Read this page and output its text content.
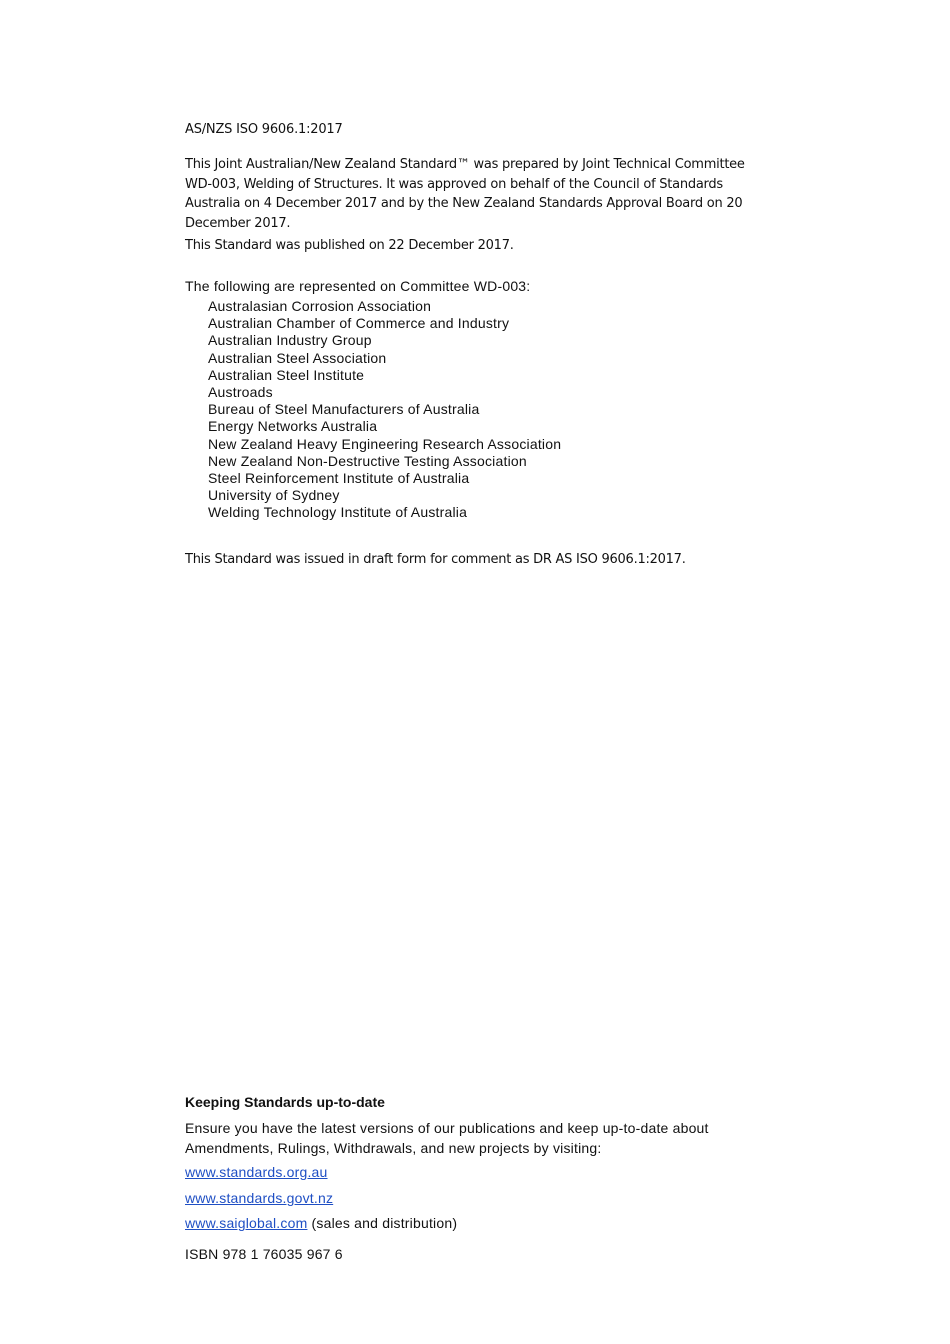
AS/NZS ISO 9606.1:2017

This Joint Australian/New Zealand Standard™ was prepared by Joint Technical Committee WD-003, Welding of Structures. It was approved on behalf of the Council of Standards Australia on 4 December 2017 and by the New Zealand Standards Approval Board on 20 December 2017.

This Standard was published on 22 December 2017.

The following are represented on Committee WD-003:

Australasian Corrosion Association
Australian Chamber of Commerce and Industry
Australian Industry Group
Australian Steel Association
Australian Steel Institute
Austroads
Bureau of Steel Manufacturers of Australia
Energy Networks Australia
New Zealand Heavy Engineering Research Association
New Zealand Non-Destructive Testing Association
Steel Reinforcement Institute of Australia
University of Sydney
Welding Technology Institute of Australia

This Standard was issued in draft form for comment as DR AS ISO 9606.1:2017.

Keeping Standards up-to-date

Ensure you have the latest versions of our publications and keep up-to-date about Amendments, Rulings, Withdrawals, and new projects by visiting:

www.standards.org.au

www.standards.govt.nz

www.saiglobal.com (sales and distribution)

ISBN 978 1 76035 967 6
